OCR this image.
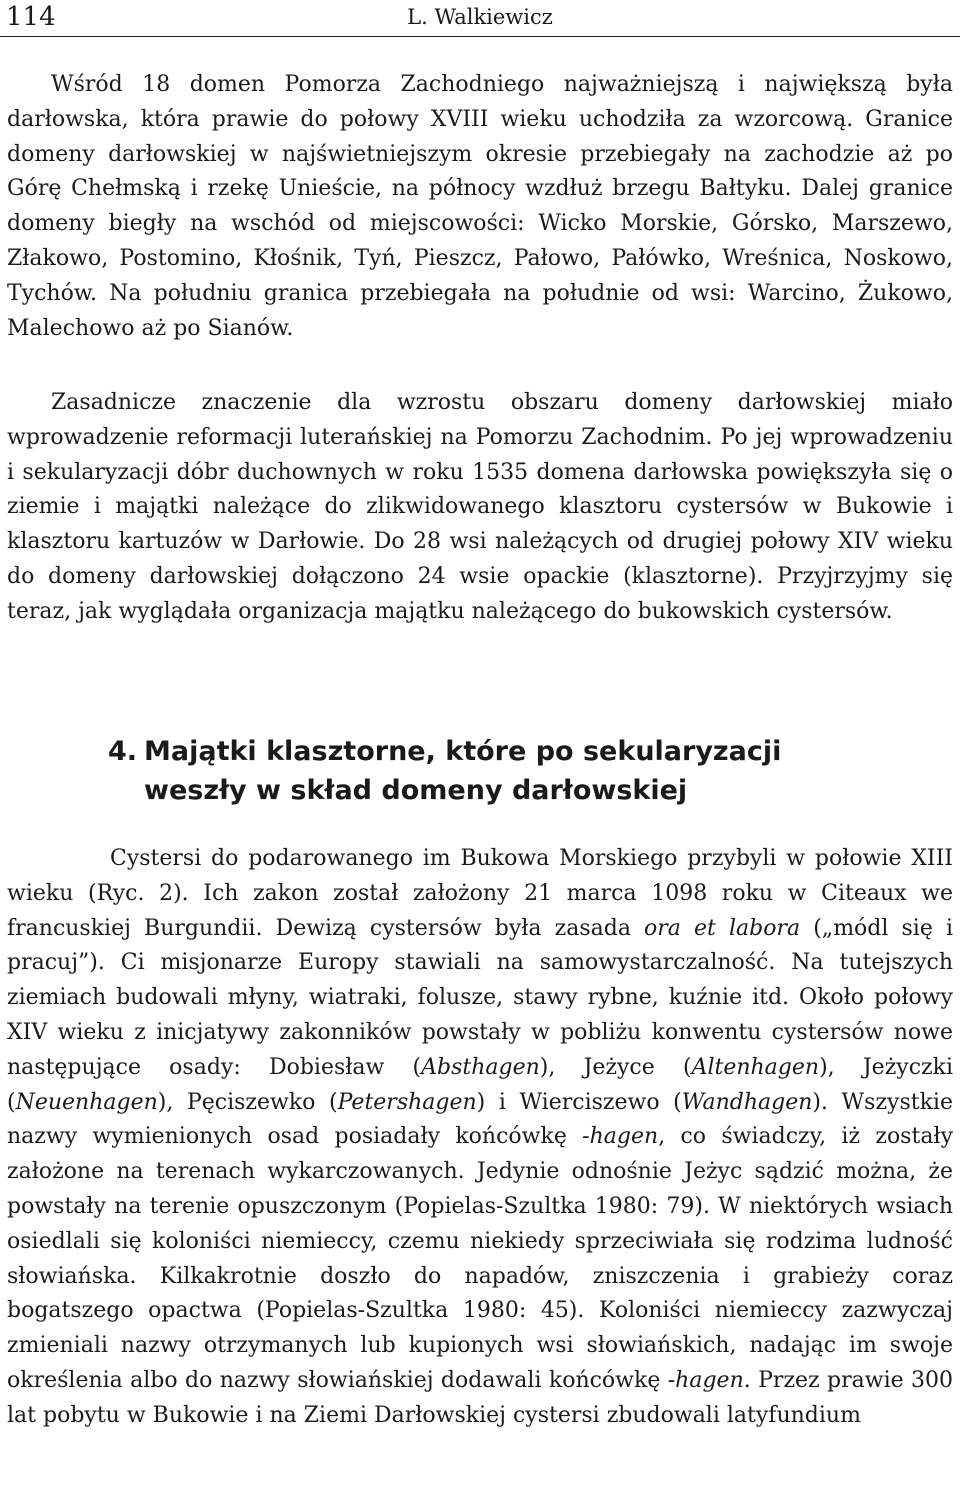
114	L. Walkiewicz

Wśród 18 domen Pomorza Zachodniego najważniejszą i największą była darłowska, która prawie do połowy XVIII wieku uchodziła za wzorcową. Granice domeny darłowskiej w najświetniejszym okresie przebiegały na zachodzie aż po Górę Chełmską i rzekę Unieście, na północy wzdłuż brzegu Bałtyku. Dalej granice domeny biegły na wschód od miejscowości: Wicko Morskie, Górsko, Marszewo, Złakowo, Postomino, Kłośnik, Tyń, Pieszcz, Pałowo, Pałówko, Wreśnica, Noskowo, Tychów. Na południu granica przebiegała na południe od wsi: Warcino, Żukowo, Malechowo aż po Sianów.

Zasadnicze znaczenie dla wzrostu obszaru domeny darłowskiej miało wprowadzenie reformacji luterańskiej na Pomorzu Zachodnim. Po jej wprowadzeniu i sekularyzacji dóbr duchownych w roku 1535 domena darłowska powiększyła się o ziemie i majątki należące do zlikwidowanego klasztoru cystersów w Bukowie i klasztoru kartuzów w Darłowie. Do 28 wsi należących od drugiej połowy XIV wieku do domeny darłowskiej dołączono 24 wsie opackie (klasztorne). Przyjrzyjmy się teraz, jak wyglądała organizacja majątku należącego do bukowskich cystersów.

4. Majątki klasztorne, które po sekularyzacji
weszły w skład domeny darłowskiej

Cystersi do podarowanego im Bukowa Morskiego przybyli w połowie XIII wieku (Ryc. 2). Ich zakon został założony 21 marca 1098 roku w Citeaux we francuskiej Burgundii. Dewizą cystersów była zasada ora et labora („módl się i pracuj”). Ci misjonarze Europy stawiali na samowystarczalność. Na tutejszych ziemiach budowali młyny, wiatraki, folusze, stawy rybne, kuźnie itd. Około połowy XIV wieku z inicjatywy zakonników powstały w pobliżu konwentu cystersów nowe następujące osady: Dobiesław (Absthagen), Jeżyce (Altenhagen), Jeżyczki (Neuenhagen), Pęciszewko (Petershagen) i Wierciszewo (Wandhagen). Wszystkie nazwy wymienionych osad posiadały końcówkę -hagen, co świadczy, iż zostały założone na terenach wykarczowanych. Jedynie odnośnie Jeżyc sądzić można, że powstały na terenie opuszczonym (Popielas-Szultka 1980: 79). W niektórych wsiach osiedlali się koloniści niemieccy, czemu niekiedy sprzeciwiała się rodzima ludność słowiańska. Kilkakrotnie doszło do napadów, zniszczenia i grabieży coraz bogatszego opactwa (Popielas-Szultka 1980: 45). Koloniści niemieccy zazwyczaj zmieniali nazwy otrzymanych lub kupionych wsi słowiańskich, nadając im swoje określenia albo do nazwy słowiańskiej dodawali końcówkę -hagen. Przez prawie 300 lat pobytu w Bukowie i na Ziemi Darłowskiej cystersi zbudowali latyfundium
